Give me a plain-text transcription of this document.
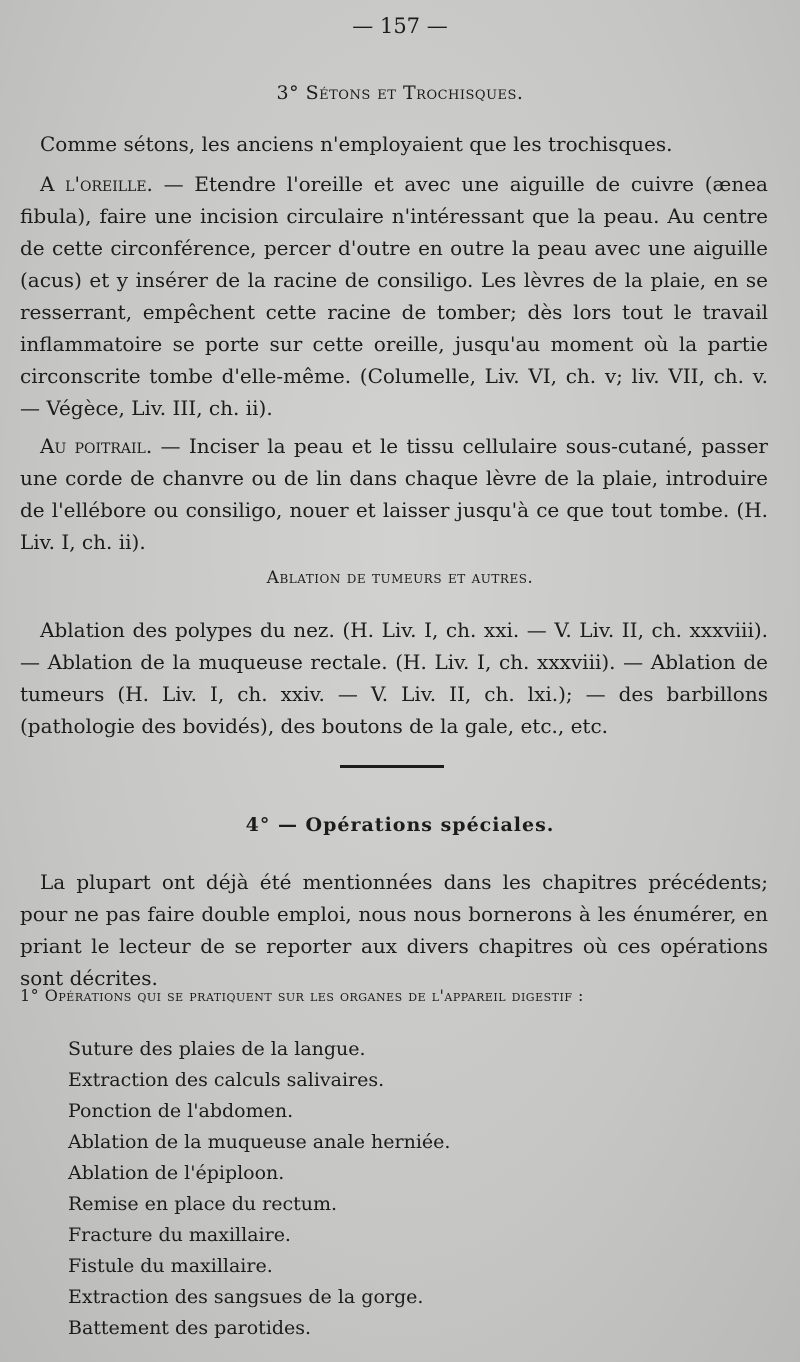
— 157 —
3° Sétons et Trochisques.

Comme sétons, les anciens n'employaient que les trochisques.

A l'oreille. — Etendre l'oreille et avec une aiguille de cuivre (ænea fibula), faire une incision circulaire n'intéressant que la peau. Au centre de cette circonférence, percer d'outre en outre la peau avec une aiguille (acus) et y insérer de la racine de consiligo. Les lèvres de la plaie, en se resserrant, empêchent cette racine de tomber; dès lors tout le travail inflammatoire se porte sur cette oreille, jusqu'au moment où la partie circonscrite tombe d'elle-même. (Columelle, Liv. VI, ch. v; liv. VII, ch. v. — Végèce, Liv. III, ch. ii).

Au poitrail. — Inciser la peau et le tissu cellulaire sous-cutané, passer une corde de chanvre ou de lin dans chaque lèvre de la plaie, introduire de l'ellébore ou consiligo, nouer et laisser jusqu'à ce que tout tombe. (H. Liv. I, ch. ii).

Ablation de tumeurs et autres.

Ablation des polypes du nez. (H. Liv. I, ch. xxi. — V. Liv. II, ch. xxxviii). — Ablation de la muqueuse rectale. (H. Liv. I, ch. xxxviii). — Ablation de tumeurs (H. Liv. I, ch. xxiv. — V. Liv. II, ch. lxi.); — des barbillons (pathologie des bovidés), des boutons de la gale, etc., etc.

4° — Opérations spéciales.

La plupart ont déjà été mentionnées dans les chapitres précédents; pour ne pas faire double emploi, nous nous bornerons à les énumérer, en priant le lecteur de se reporter aux divers chapitres où ces opérations sont décrites.

1° Opérations qui se pratiquent sur les organes de l'appareil digestif :
Suture des plaies de la langue.
Extraction des calculs salivaires.
Ponction de l'abdomen.
Ablation de la muqueuse anale herniée.
Ablation de l'épiploon.
Remise en place du rectum.
Fracture du maxillaire.
Fistule du maxillaire.
Extraction des sangsues de la gorge.
Battement des parotides.
